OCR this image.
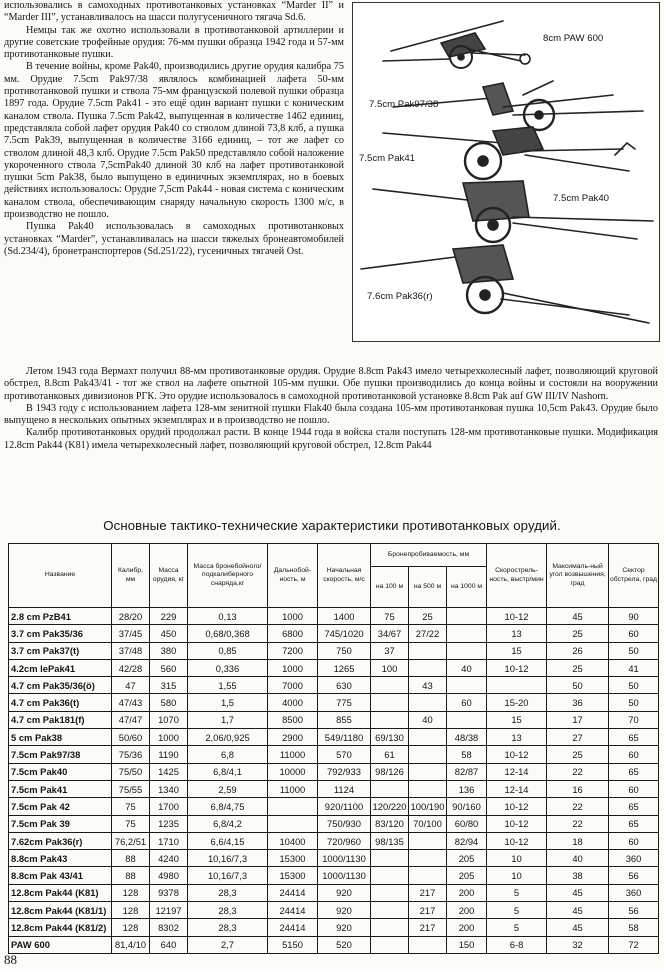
использовались в самоходных противотанковых установках “Marder II” и “Marder III”, устанавливалось на шасси полугусеничного тягача Sd.6.

Немцы так же охотно использовали в противотанковой артиллерии и другие советские трофейные орудия: 76-мм пушки образца 1942 года и 57-мм противотанковые пушки.

В течение войны, кроме Pak40, производились другие орудия калибра 75 мм. Орудие 7.5cm Pak97/38 являлось комбинацией лафета 50-мм противотанковой пушки и ствола 75-мм французской полевой пушки образца 1897 года. Орудие 7.5cm Pak41 - это ещё один вариант пушки с коническим каналом ствола. Пушка 7.5cm Pak42, выпущенная в количестве 1462 единиц, представляла собой лафет орудия Pak40 со стволом длиной 73,8 клб, а пушка 7.5cm Pak39, выпущенная в количестве 3166 единиц, – тот же лафет со стволом длиной 48,3 клб. Орудие 7.5cm Pak50 представляло собой наложение укороченного ствола 7,5cmPak40 длиной 30 клб на лафет противотанковой пушки 5cm Pak38, было выпущено в единичных экземплярах, но в боевых действиях использовалось: Орудие 7,5cm Pak44 - новая система с коническим каналом ствола, обеспечивающим снаряду начальную скорость 1300 м/с, в производство не пошло.

Пушка Pak40 использовалась в самоходных противотанковых установках “Marder”, устанавливалась на шасси тяжелых бронеавтомобилей (Sd.234/4), бронетранспортеров (Sd.251/22), гусеничных тягачей Ost.

8cm PAW 600
7.5cm Pak97/38
7.5cm Pak41
7.5cm Pak40
7.6cm Pak36(r)

Летом 1943 года Вермахт получил 88-мм противотанковые орудия. Орудие 8.8cm Pak43 имело четырехколесный лафет, позволяющий круговой обстрел, 8.8cm Pak43/41 - тот же ствол на лафете опытной 105-мм пушки. Обе пушки производились до конца войны и состояли на вооружении противотанковых дивизионов РГК. Это орудие использовалось в самоходной противотанковой установке 8.8cm Pak auf GW III/IV Nashorn.

В 1943 году с использованием лафета 128-мм зенитной пушки Flak40 была создана 105-мм противотанковая пушка 10,5cm Pak43. Орудие было выпущено в нескольких опытных экземплярах и в производство не пошло.

Калибр противотанковых орудий продолжал расти. В конце 1944 года в войска стали поступать 128-мм противотанковые пушки. Модификация 12.8cm Pak44 (K81) имела четырехколесный лафет, позволяющий круговой обстрел, 12.8cm Pak44

Основные тактико-технические характеристики противотанковых орудий.
Название	Калибр, мм	Масса орудия, кг	Масса бронебойного/ подкалиберного снаряда,кг	Дальнобой-ность, м	Начальная скорость, м/с	Бронепробиваемость, мм			Скорострель-ность, выстр/мин	Максималь-ный угол возвышения, град	Сектор обстрела, град
						на 100 м	на 500 м	на 1000 м			
2.8 cm PzB41	28/20	229	0,13	1000	1400	75	25		10-12	45	90
3.7 cm Pak35/36	37/45	450	0,68/0,368	6800	745/1020	34/67	27/22		13	25	60
3.7 cm Pak37(t)	37/48	380	0,85	7200	750	37			15	26	50
4.2cm lePak41	42/28	560	0,336	1000	1265	100		40	10-12	25	41
4.7 cm Pak35/36(ö)	47	315	1,55	7000	630		43			50	50
4.7 cm Pak36(t)	47/43	580	1,5	4000	775			60	15-20	36	50
4.7 cm Pak181(f)	47/47	1070	1,7	8500	855		40		15	17	70
5 cm Pak38	50/60	1000	2,06/0,925	2900	549/1180	69/130		48/38	13	27	65
7.5cm Pak97/38	75/36	1190	6,8	11000	570	61		58	10-12	25	60
7.5cm Pak40	75/50	1425	6,8/4,1	10000	792/933	98/126		82/87	12-14	22	65
7.5cm Pak41	75/55	1340	2,59	11000	1124			136	12-14	16	60
7.5cm Pak 42	75	1700	6,8/4,75		920/1100	120/220	100/190	90/160	10-12	22	65
7.5cm Pak 39	75	1235	6,8/4,2		750/930	83/120	70/100	60/80	10-12	22	65
7.62cm Pak36(r)	76,2/51	1710	6,6/4,15	10400	720/960	98/135		82/94	10-12	18	60
8.8cm Pak43	88	4240	10,16/7,3	15300	1000/1130			205	10	40	360
8.8cm Pak 43/41	88	4980	10,16/7,3	15300	1000/1130			205	10	38	56
12.8cm Pak44 (K81)	128	9378	28,3	24414	920		217	200	5	45	360
12.8cm Pak44 (K81/1)	128	12197	28,3	24414	920		217	200	5	45	56
12.8cm Pak44 (K81/2)	128	8302	28,3	24414	920		217	200	5	45	58
PAW 600	81,4/10	640	2,7	5150	520			150	6-8	32	72
88
